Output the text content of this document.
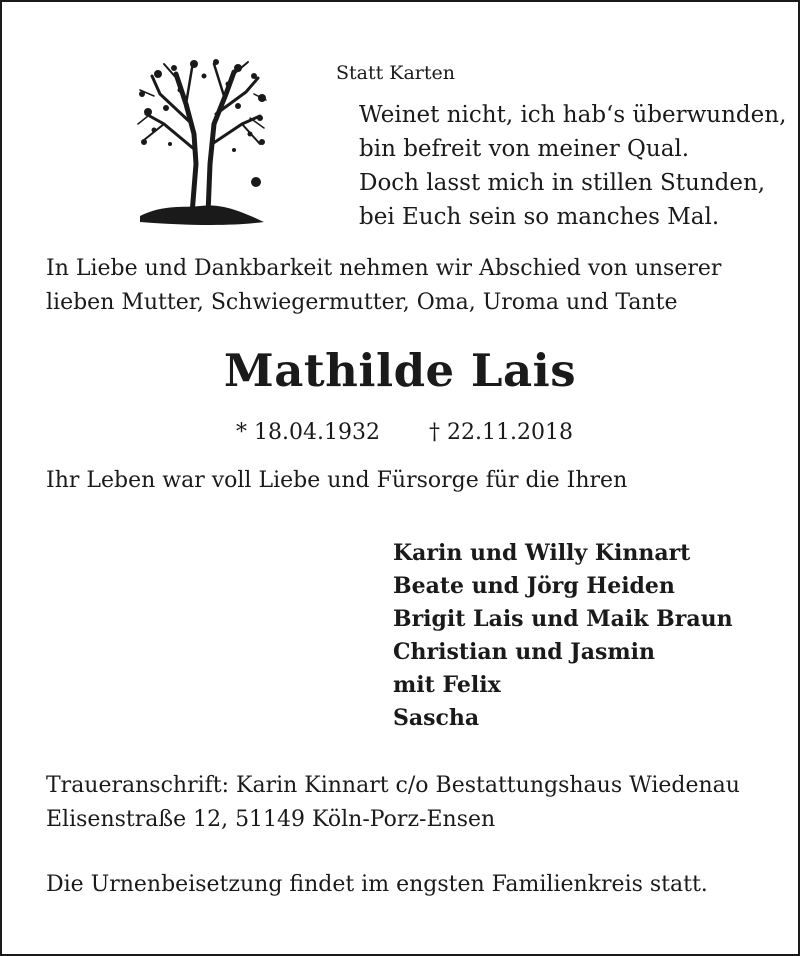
Statt Karten
Weinet nicht, ich hab‘s überwunden,
bin befreit von meiner Qual.
Doch lasst mich in stillen Stunden,
bei Euch sein so manches Mal.
In Liebe und Dankbarkeit nehmen wir Abschied von unserer
lieben Mutter, Schwiegermutter, Oma, Uroma und Tante
Mathilde Lais
* 18.04.1932 † 22.11.2018
Ihr Leben war voll Liebe und Fürsorge für die Ihren
Karin und Willy Kinnart
Beate und Jörg Heiden
Brigit Lais und Maik Braun
Christian und Jasmin
mit Felix
Sascha
Traueranschrift: Karin Kinnart c/o Bestattungshaus Wiedenau
Elisenstraße 12, 51149 Köln-Porz-Ensen
Die Urnenbeisetzung findet im engsten Familienkreis statt.
